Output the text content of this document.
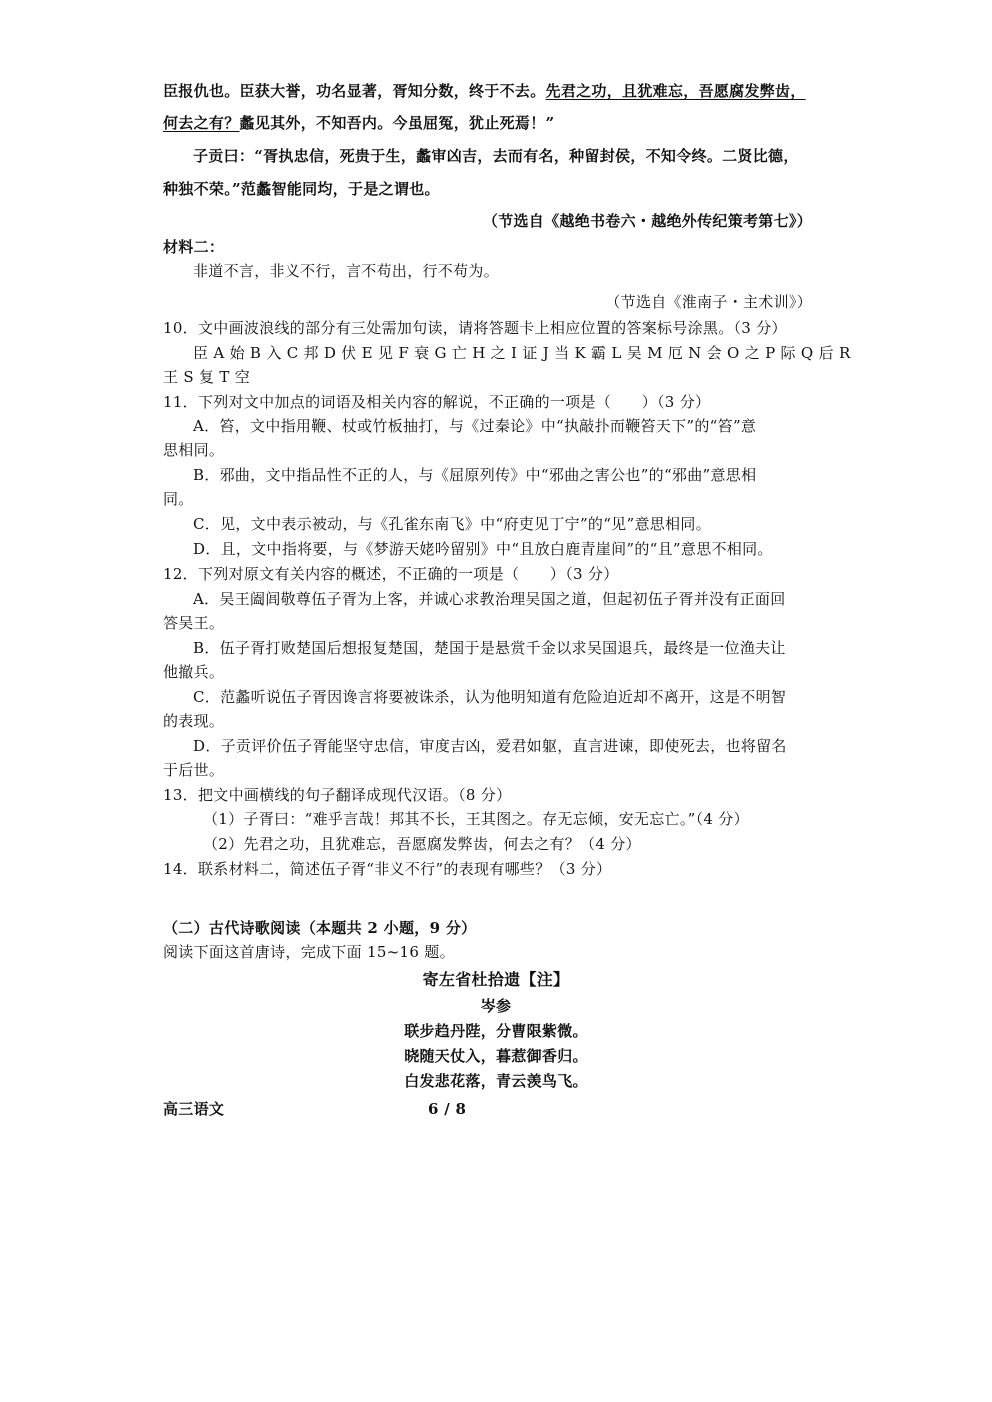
臣报仇也。臣获大誉，功名显著，胥知分数，终于不去。先君之功，且犹难忘，吾愿腐发弊齿，
何去之有？蠡见其外，不知吾内。今虽屈冤，犹止死焉！”
子贡曰：“胥执忠信，死贵于生，蠡审凶吉，去而有名，种留封侯，不知令终。二贤比德，
种独不荣。”范蠡智能同均，于是之谓也。
（节选自《越绝书卷六・越绝外传纪策考第七》）
材料二：
非道不言，非义不行，言不苟出，行不苟为。
（节选自《淮南子・主术训》）
10．文中画波浪线的部分有三处需加句读，请将答题卡上相应位置的答案标号涂黑。（3 分）
臣 A 始 B 入 C 邦 D 伏 E 见 F 衰 G 亡 H 之 I 证 J 当 K 霸 L 吴 M 厄 N 会 O 之 P 际 Q 后 R
王 S 复 T 空
11．下列对文中加点的词语及相关内容的解说，不正确的一项是（　　）（3 分）
A．笞，文中指用鞭、杖或竹板抽打，与《过秦论》中“执敲扑而鞭笞天下”的“笞”意
思相同。
B．邪曲，文中指品性不正的人，与《屈原列传》中“邪曲之害公也”的“邪曲”意思相
同。
C．见，文中表示被动，与《孔雀东南飞》中“府吏见丁宁”的“见”意思相同。
D．且，文中指将要，与《梦游天姥吟留别》中“且放白鹿青崖间”的“且”意思不相同。
12．下列对原文有关内容的概述，不正确的一项是（　　）（3 分）
A．吴王阖闾敬尊伍子胥为上客，并诚心求教治理吴国之道，但起初伍子胥并没有正面回
答吴王。
B．伍子胥打败楚国后想报复楚国，楚国于是悬赏千金以求吴国退兵，最终是一位渔夫让
他撤兵。
C．范蠡听说伍子胥因谗言将要被诛杀，认为他明知道有危险迫近却不离开，这是不明智
的表现。
D．子贡评价伍子胥能坚守忠信，审度吉凶，爱君如躯，直言进谏，即使死去，也将留名
于后世。
13．把文中画横线的句子翻译成现代汉语。（8 分）
（1）子胥曰：“难乎言哉！邦其不长，王其图之。存无忘倾，安无忘亡。”（4 分）
（2）先君之功，且犹难忘，吾愿腐发弊齿，何去之有？（4 分）
14．联系材料二，简述伍子胥“非义不行”的表现有哪些？（3 分）
（二）古代诗歌阅读（本题共 2 小题，9 分）
阅读下面这首唐诗，完成下面 15~16 题。
寄左省杜拾遗【注】
岑参
联步趋丹陛，分曹限紫微。
晓随天仗入，暮惹御香归。
白发悲花落，青云羡鸟飞。
高三语文	6 / 8
